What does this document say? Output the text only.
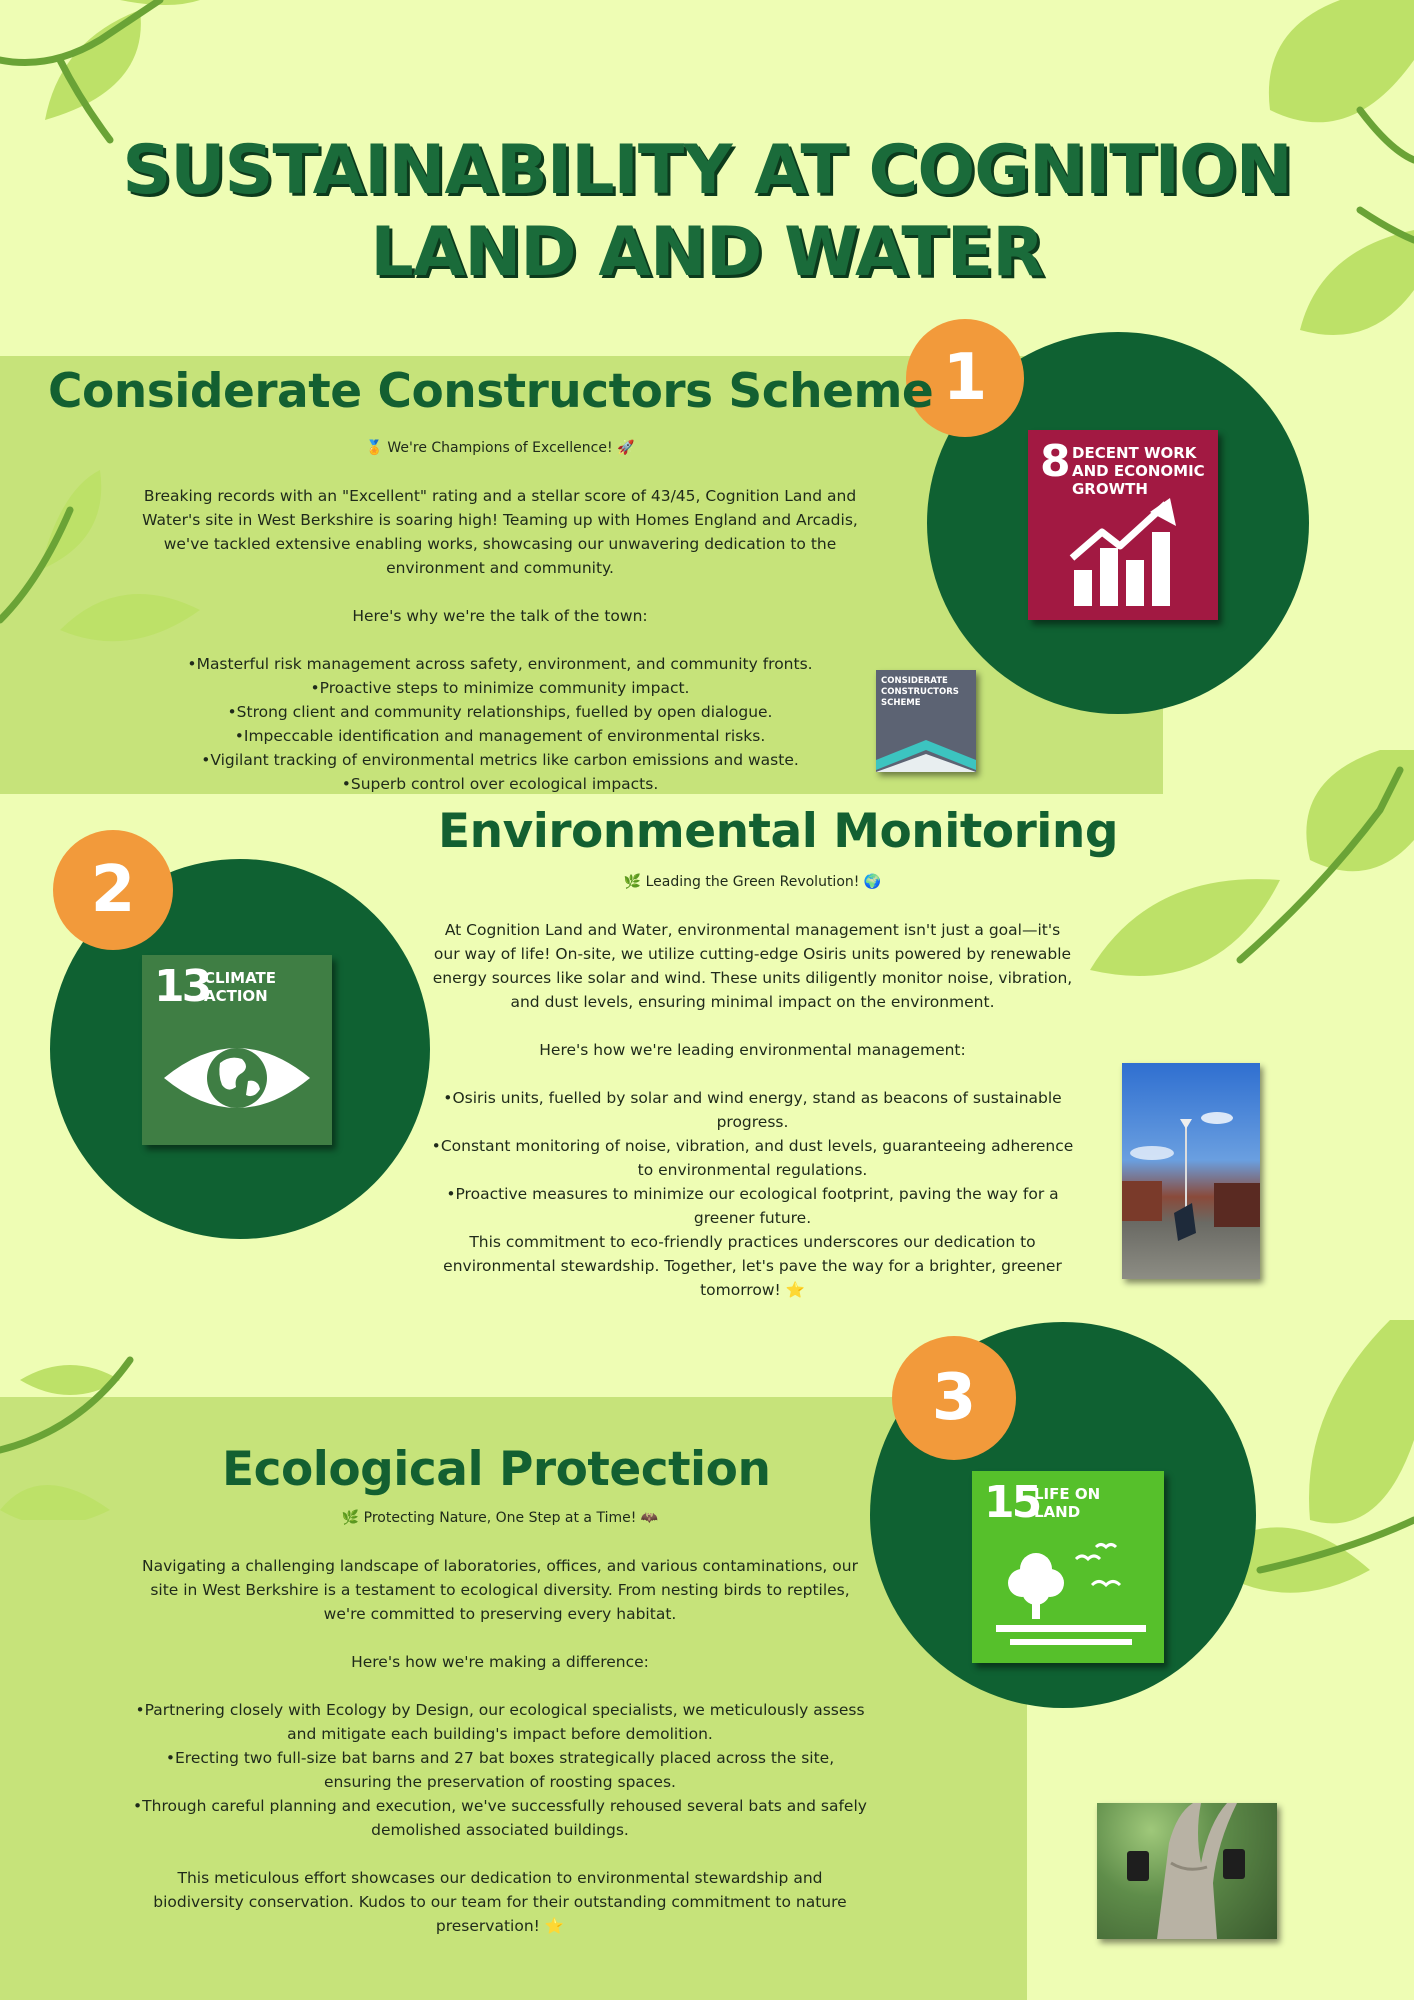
SUSTAINABILITY AT COGNITION
LAND AND WATER
1
8 DECENT WORK AND ECONOMIC GROWTH
Considerate Constructors Scheme

🏅 We're Champions of Excellence! 🚀

Breaking records with an "Excellent" rating and a stellar score of 43/45, Cognition Land and Water's site in West Berkshire is soaring high! Teaming up with Homes England and Arcadis, we've tackled extensive enabling works, showcasing our unwavering dedication to the environment and community.

Here's why we're the talk of the town:

•Masterful risk management across safety, environment, and community fronts.

•Proactive steps to minimize community impact.

•Strong client and community relationships, fuelled by open dialogue.

•Impeccable identification and management of environmental risks.

•Vigilant tracking of environmental metrics like carbon emissions and waste.

•Superb control over ecological impacts.

CONSIDERATE CONSTRUCTORS SCHEME
2
13
CLIMATE ACTION
Environmental Monitoring

🌿 Leading the Green Revolution! 🌍

At Cognition Land and Water, environmental management isn't just a goal—it's our way of life! On-site, we utilize cutting-edge Osiris units powered by renewable energy sources like solar and wind. These units diligently monitor noise, vibration, and dust levels, ensuring minimal impact on the environment.

Here's how we're leading environmental management:

•Osiris units, fuelled by solar and wind energy, stand as beacons of sustainable progress.

•Constant monitoring of noise, vibration, and dust levels, guaranteeing adherence to environmental regulations.

•Proactive measures to minimize our ecological footprint, paving the way for a greener future.

This commitment to eco-friendly practices underscores our dedication to environmental stewardship. Together, let's pave the way for a brighter, greener tomorrow! ⭐

3
15
LIFE ON LAND
Ecological Protection

🌿 Protecting Nature, One Step at a Time! 🦇

Navigating a challenging landscape of laboratories, offices, and various contaminations, our site in West Berkshire is a testament to ecological diversity. From nesting birds to reptiles, we're committed to preserving every habitat.

Here's how we're making a difference:

•Partnering closely with Ecology by Design, our ecological specialists, we meticulously assess and mitigate each building's impact before demolition.

•Erecting two full-size bat barns and 27 bat boxes strategically placed across the site, ensuring the preservation of roosting spaces.

•Through careful planning and execution, we've successfully rehoused several bats and safely demolished associated buildings.

This meticulous effort showcases our dedication to environmental stewardship and biodiversity conservation. Kudos to our team for their outstanding commitment to nature preservation! ⭐
